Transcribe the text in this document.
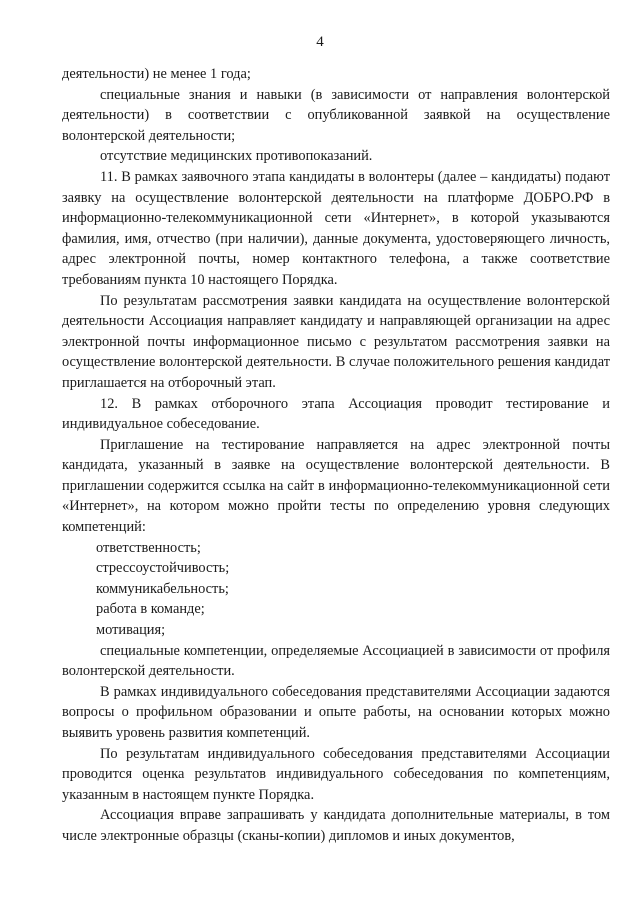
4

деятельности) не менее 1 года;

специальные знания и навыки (в зависимости от направления волонтерской деятельности) в соответствии с опубликованной заявкой на осуществление волонтерской деятельности;

отсутствие медицинских противопоказаний.

11. В рамках заявочного этапа кандидаты в волонтеры (далее – кандидаты) подают заявку на осуществление волонтерской деятельности на платформе ДОБРО.РФ в информационно-телекоммуникационной сети «Интернет», в которой указываются фамилия, имя, отчество (при наличии), данные документа, удостоверяющего личность, адрес электронной почты, номер контактного телефона, а также соответствие требованиям пункта 10 настоящего Порядка.

По результатам рассмотрения заявки кандидата на осуществление волонтерской деятельности Ассоциация направляет кандидату и направляющей организации на адрес электронной почты информационное письмо с результатом рассмотрения заявки на осуществление волонтерской деятельности. В случае положительного решения кандидат приглашается на отборочный этап.

12. В рамках отборочного этапа Ассоциация проводит тестирование и индивидуальное собеседование.

Приглашение на тестирование направляется на адрес электронной почты кандидата, указанный в заявке на осуществление волонтерской деятельности. В приглашении содержится ссылка на сайт в информационно-телекоммуникационной сети «Интернет», на котором можно пройти тесты по определению уровня следующих компетенций:

ответственность;

стрессоустойчивость;

коммуникабельность;

работа в команде;

мотивация;

специальные компетенции, определяемые Ассоциацией в зависимости от профиля волонтерской деятельности.

В рамках индивидуального собеседования представителями Ассоциации задаются вопросы о профильном образовании и опыте работы, на основании которых можно выявить уровень развития компетенций.

По результатам индивидуального собеседования представителями Ассоциации проводится оценка результатов индивидуального собеседования по компетенциям, указанным в настоящем пункте Порядка.

Ассоциация вправе запрашивать у кандидата дополнительные материалы, в том числе электронные образцы (сканы-копии) дипломов и иных документов,
